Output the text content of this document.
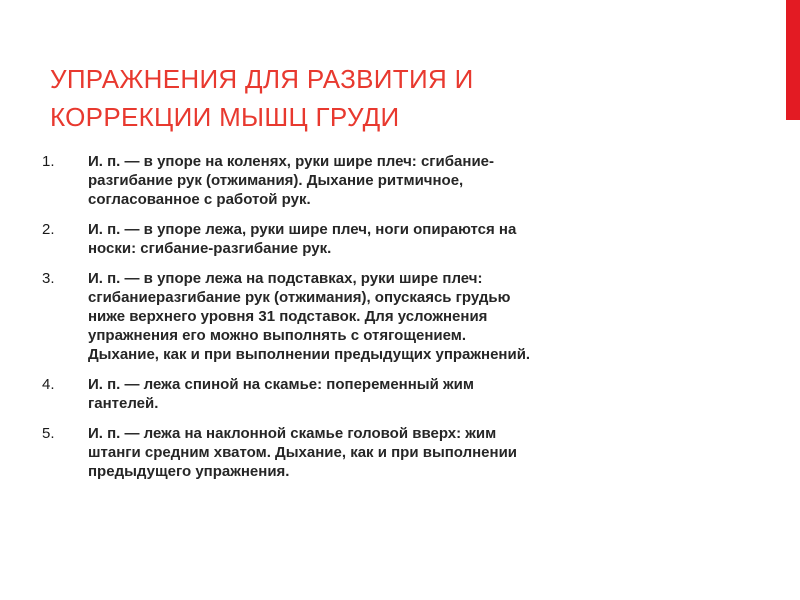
УПРАЖНЕНИЯ ДЛЯ РАЗВИТИЯ И
КОРРЕКЦИИ МЫШЦ ГРУДИ
1.	И. п. — в упоре на коленях, руки шире плеч: сгибание-
разгибание рук (отжимания). Дыхание ритмичное,
согласованное с работой рук.
2.	И. п. — в упоре лежа, руки шире плеч, ноги опираются на
носки: сгибание-разгибание рук.
3.	И. п. — в упоре лежа на подставках, руки шире плеч:
сгибаниеразгибание рук (отжимания), опускаясь грудью
ниже верхнего уровня 31 подставок. Для усложнения
упражнения его можно выполнять с отягощением.
Дыхание, как и при выполнении предыдущих упражнений.
4.	И. п. — лежа спиной на скамье: попеременный жим
гантелей.
5.	И. п. — лежа на наклонной скамье головой вверх: жим
штанги средним хватом. Дыхание, как и при выполнении
предыдущего упражнения.
